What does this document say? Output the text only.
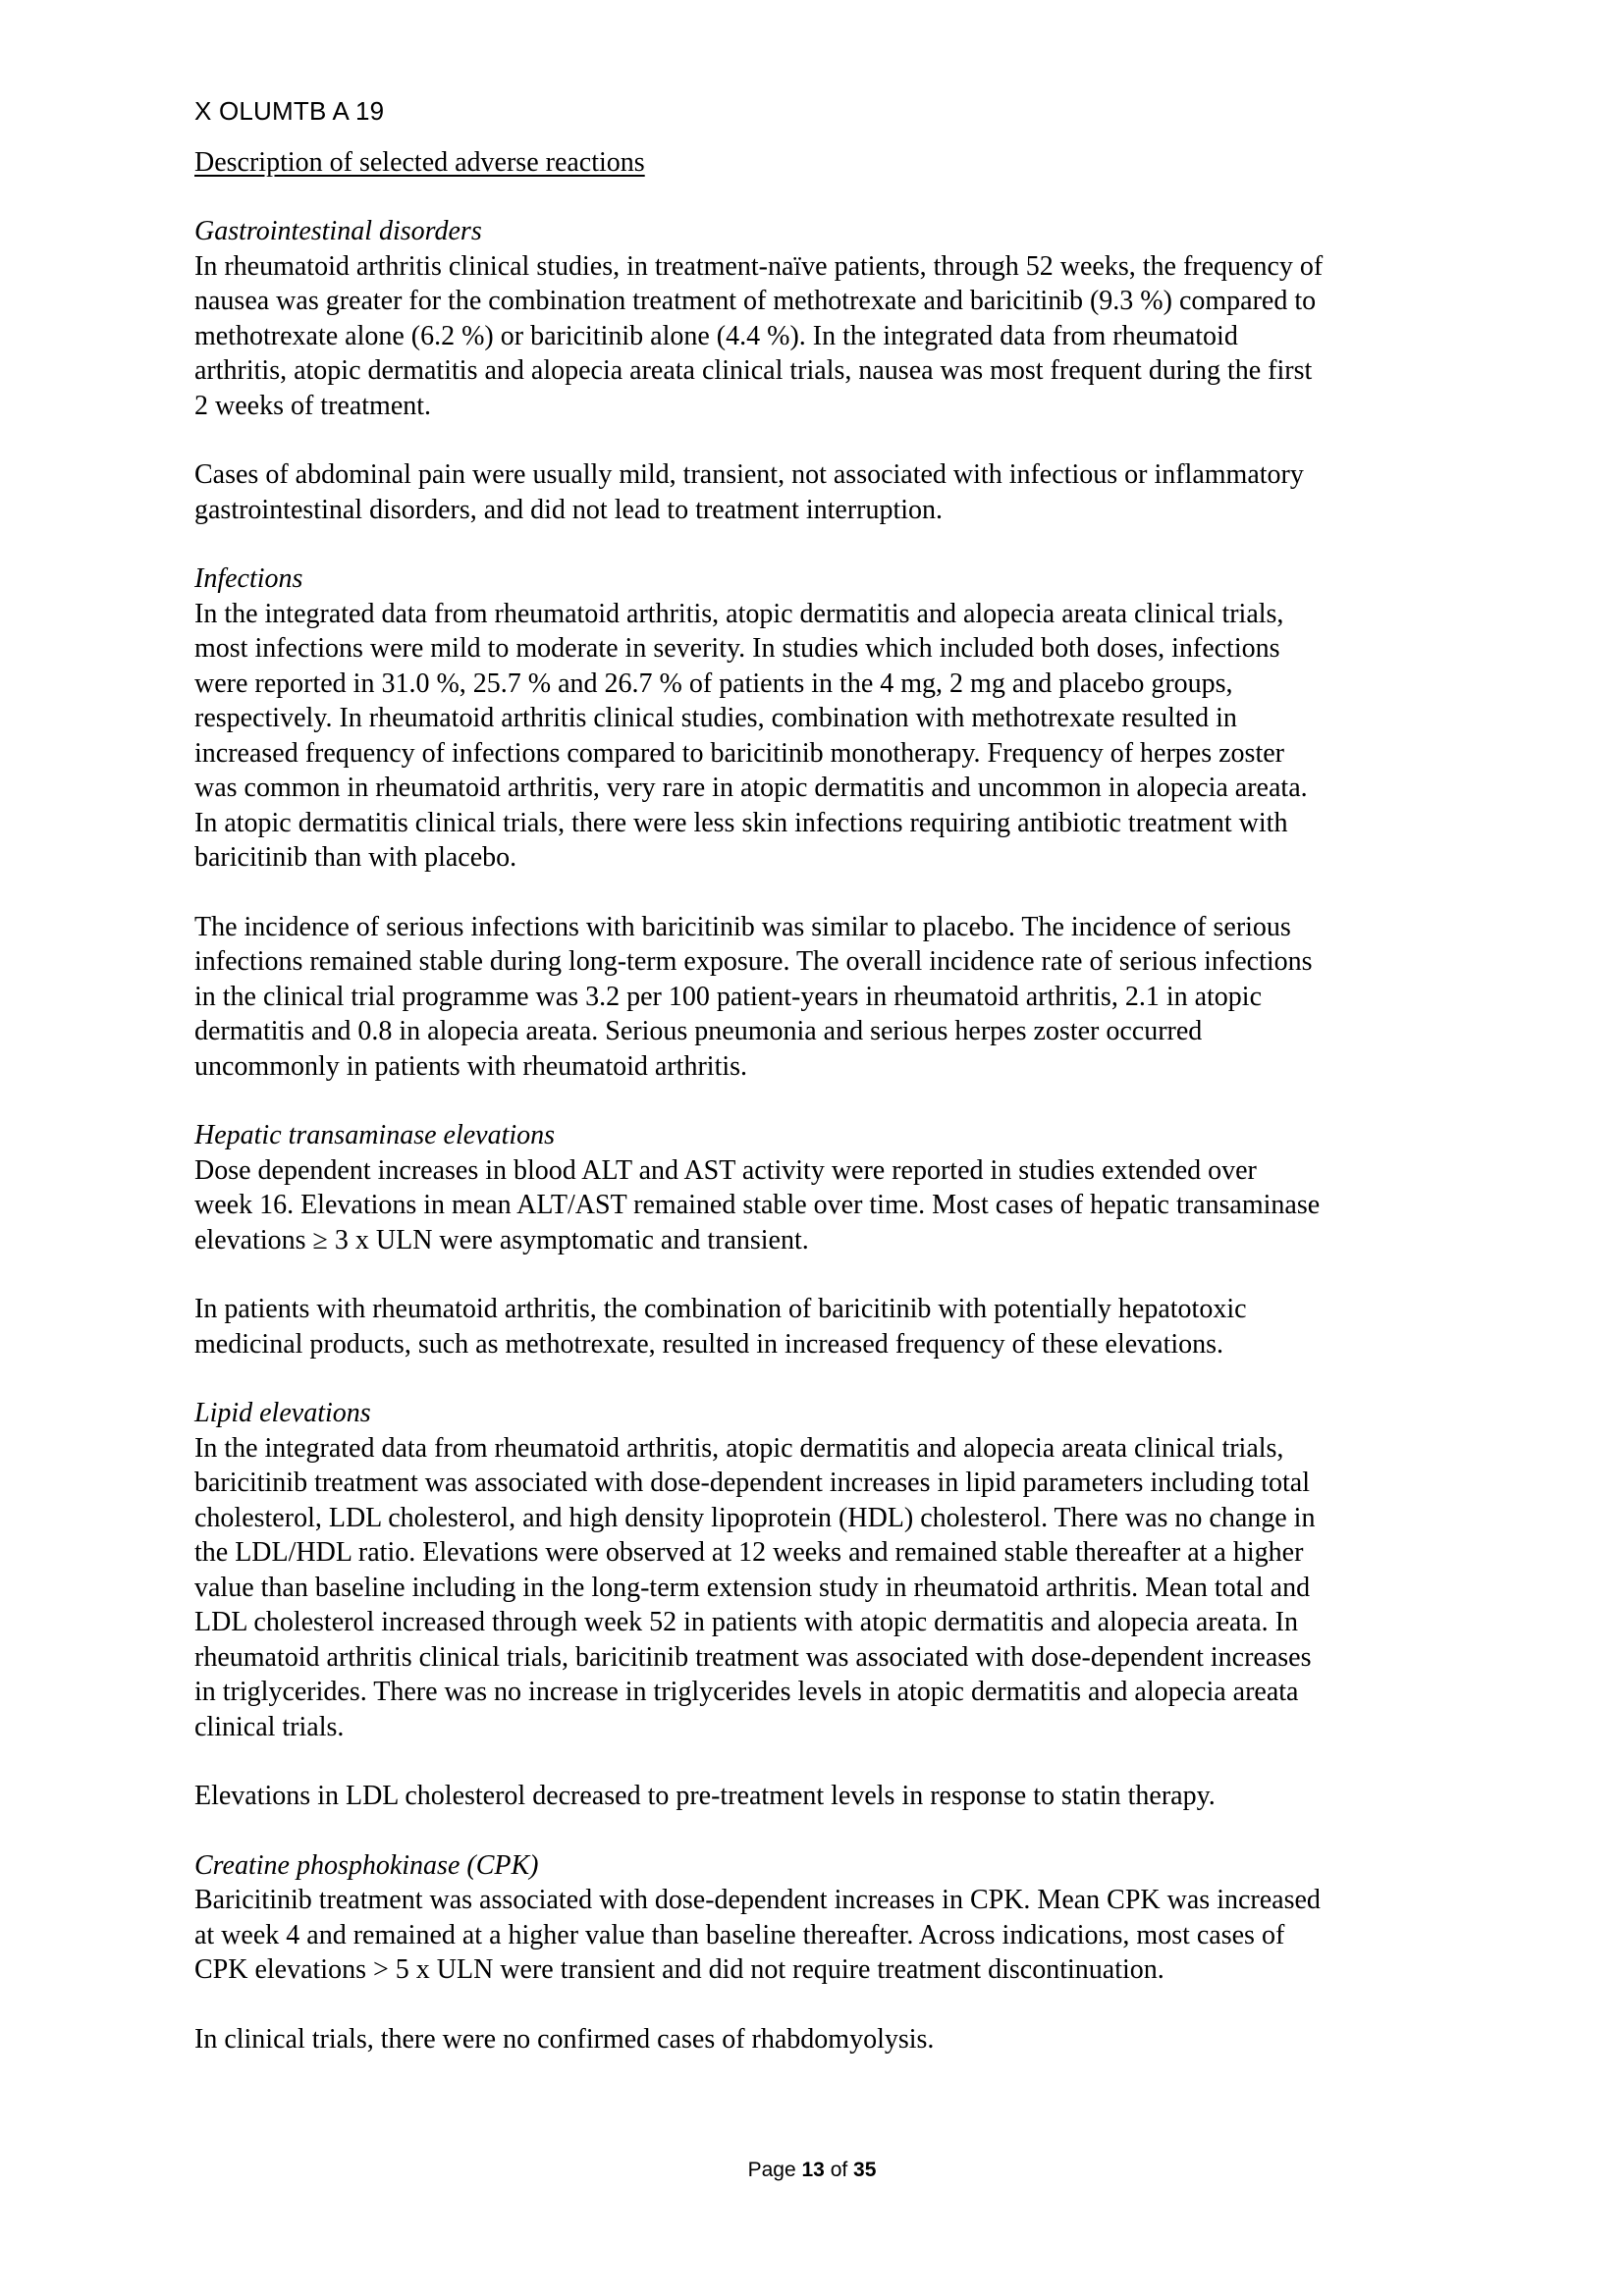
X OLUMTB A 19
Description of selected adverse reactions
Gastrointestinal disorders

In rheumatoid arthritis clinical studies, in treatment-naïve patients, through 52 weeks, the frequency of
nausea was greater for the combination treatment of methotrexate and baricitinib (9.3 %) compared to
methotrexate alone (6.2 %) or baricitinib alone (4.4 %). In the integrated data from rheumatoid
arthritis, atopic dermatitis and alopecia areata clinical trials, nausea was most frequent during the first
2 weeks of treatment.

Cases of abdominal pain were usually mild, transient, not associated with infectious or inflammatory
gastrointestinal disorders, and did not lead to treatment interruption.

Infections

In the integrated data from rheumatoid arthritis, atopic dermatitis and alopecia areata clinical trials,
most infections were mild to moderate in severity. In studies which included both doses, infections
were reported in 31.0 %, 25.7 % and 26.7 % of patients in the 4 mg, 2 mg and placebo groups,
respectively. In rheumatoid arthritis clinical studies, combination with methotrexate resulted in
increased frequency of infections compared to baricitinib monotherapy. Frequency of herpes zoster
was common in rheumatoid arthritis, very rare in atopic dermatitis and uncommon in alopecia areata.
In atopic dermatitis clinical trials, there were less skin infections requiring antibiotic treatment with
baricitinib than with placebo.

The incidence of serious infections with baricitinib was similar to placebo. The incidence of serious
infections remained stable during long-term exposure. The overall incidence rate of serious infections
in the clinical trial programme was 3.2 per 100 patient-years in rheumatoid arthritis, 2.1 in atopic
dermatitis and 0.8 in alopecia areata. Serious pneumonia and serious herpes zoster occurred
uncommonly in patients with rheumatoid arthritis.

Hepatic transaminase elevations

Dose dependent increases in blood ALT and AST activity were reported in studies extended over
week 16. Elevations in mean ALT/AST remained stable over time. Most cases of hepatic transaminase
elevations ≥ 3 x ULN were asymptomatic and transient.

In patients with rheumatoid arthritis, the combination of baricitinib with potentially hepatotoxic
medicinal products, such as methotrexate, resulted in increased frequency of these elevations.

Lipid elevations

In the integrated data from rheumatoid arthritis, atopic dermatitis and alopecia areata clinical trials,
baricitinib treatment was associated with dose-dependent increases in lipid parameters including total
cholesterol, LDL cholesterol, and high density lipoprotein (HDL) cholesterol. There was no change in
the LDL/HDL ratio. Elevations were observed at 12 weeks and remained stable thereafter at a higher
value than baseline including in the long-term extension study in rheumatoid arthritis. Mean total and
LDL cholesterol increased through week 52 in patients with atopic dermatitis and alopecia areata. In
rheumatoid arthritis clinical trials, baricitinib treatment was associated with dose-dependent increases
in triglycerides. There was no increase in triglycerides levels in atopic dermatitis and alopecia areata
clinical trials.

Elevations in LDL cholesterol decreased to pre-treatment levels in response to statin therapy.

Creatine phosphokinase (CPK)

Baricitinib treatment was associated with dose-dependent increases in CPK. Mean CPK was increased
at week 4 and remained at a higher value than baseline thereafter. Across indications, most cases of
CPK elevations > 5 x ULN were transient and did not require treatment discontinuation.

In clinical trials, there were no confirmed cases of rhabdomyolysis.

Page 13 of 35
